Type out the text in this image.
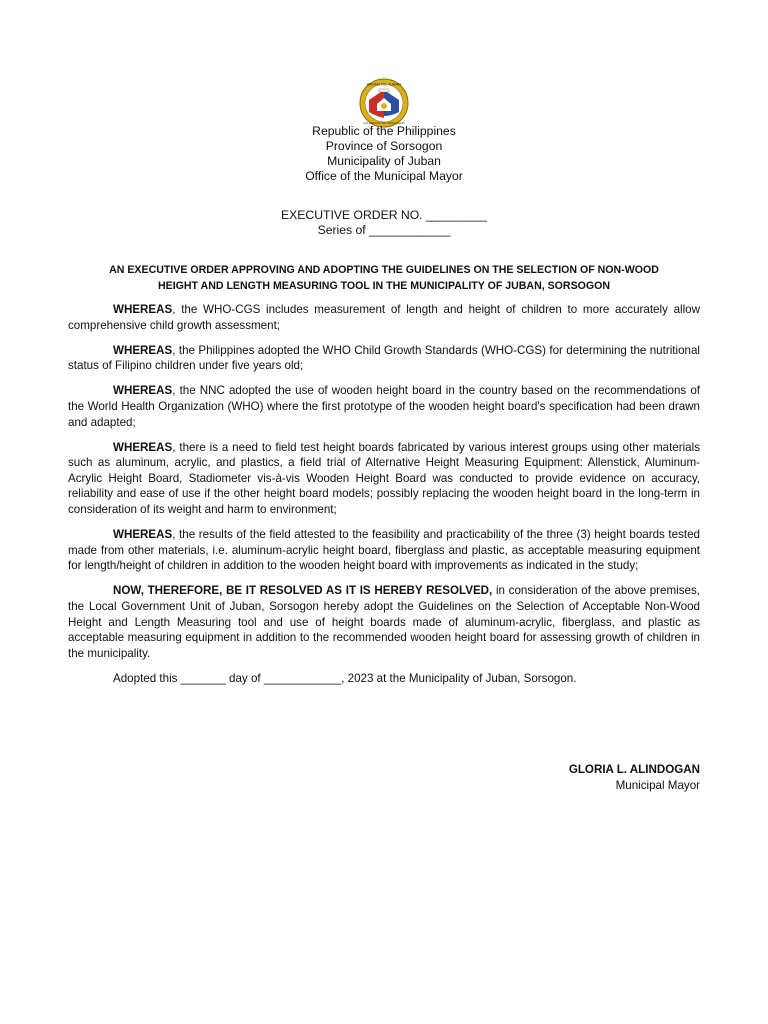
BAYAN NG JUBAN
LALAWIGAN NG SORSOGON
Republic of the Philippines
Province of Sorsogon
Municipality of Juban
Office of the Municipal Mayor
EXECUTIVE ORDER NO. _________
Series of ____________
AN EXECUTIVE ORDER APPROVING AND ADOPTING THE GUIDELINES ON THE SELECTION OF NON-WOOD
HEIGHT AND LENGTH MEASURING TOOL IN THE MUNICIPALITY OF JUBAN, SORSOGON

WHEREAS, the WHO-CGS includes measurement of length and height of children to more accurately allow comprehensive child growth assessment;

WHEREAS, the Philippines adopted the WHO Child Growth Standards (WHO-CGS) for determining the nutritional status of Filipino children under five years old;

WHEREAS, the NNC adopted the use of wooden height board in the country based on the recommendations of the World Health Organization (WHO) where the first prototype of the wooden height board's specification had been drawn and adapted;

WHEREAS, there is a need to field test height boards fabricated by various interest groups using other materials such as aluminum, acrylic, and plastics, a field trial of Alternative Height Measuring Equipment: Allenstick, Aluminum-Acrylic Height Board, Stadiometer vis-à-vis Wooden Height Board was conducted to provide evidence on accuracy, reliability and ease of use if the other height board models; possibly replacing the wooden height board in the long-term in consideration of its weight and harm to environment;

WHEREAS, the results of the field attested to the feasibility and practicability of the three (3) height boards tested made from other materials, i.e. aluminum-acrylic height board, fiberglass and plastic, as acceptable measuring equipment for length/height of children in addition to the wooden height board with improvements as indicated in the study;

NOW, THEREFORE, BE IT RESOLVED AS IT IS HEREBY RESOLVED, in consideration of the above premises, the Local Government Unit of Juban, Sorsogon hereby adopt the Guidelines on the Selection of Acceptable Non-Wood Height and Length Measuring tool and use of height boards made of aluminum-acrylic, fiberglass, and plastic as acceptable measuring equipment in addition to the recommended wooden height board for assessing growth of children in the municipality.

Adopted this _______ day of ____________, 2023 at the Municipality of Juban, Sorsogon.

GLORIA L. ALINDOGAN
Municipal Mayor
